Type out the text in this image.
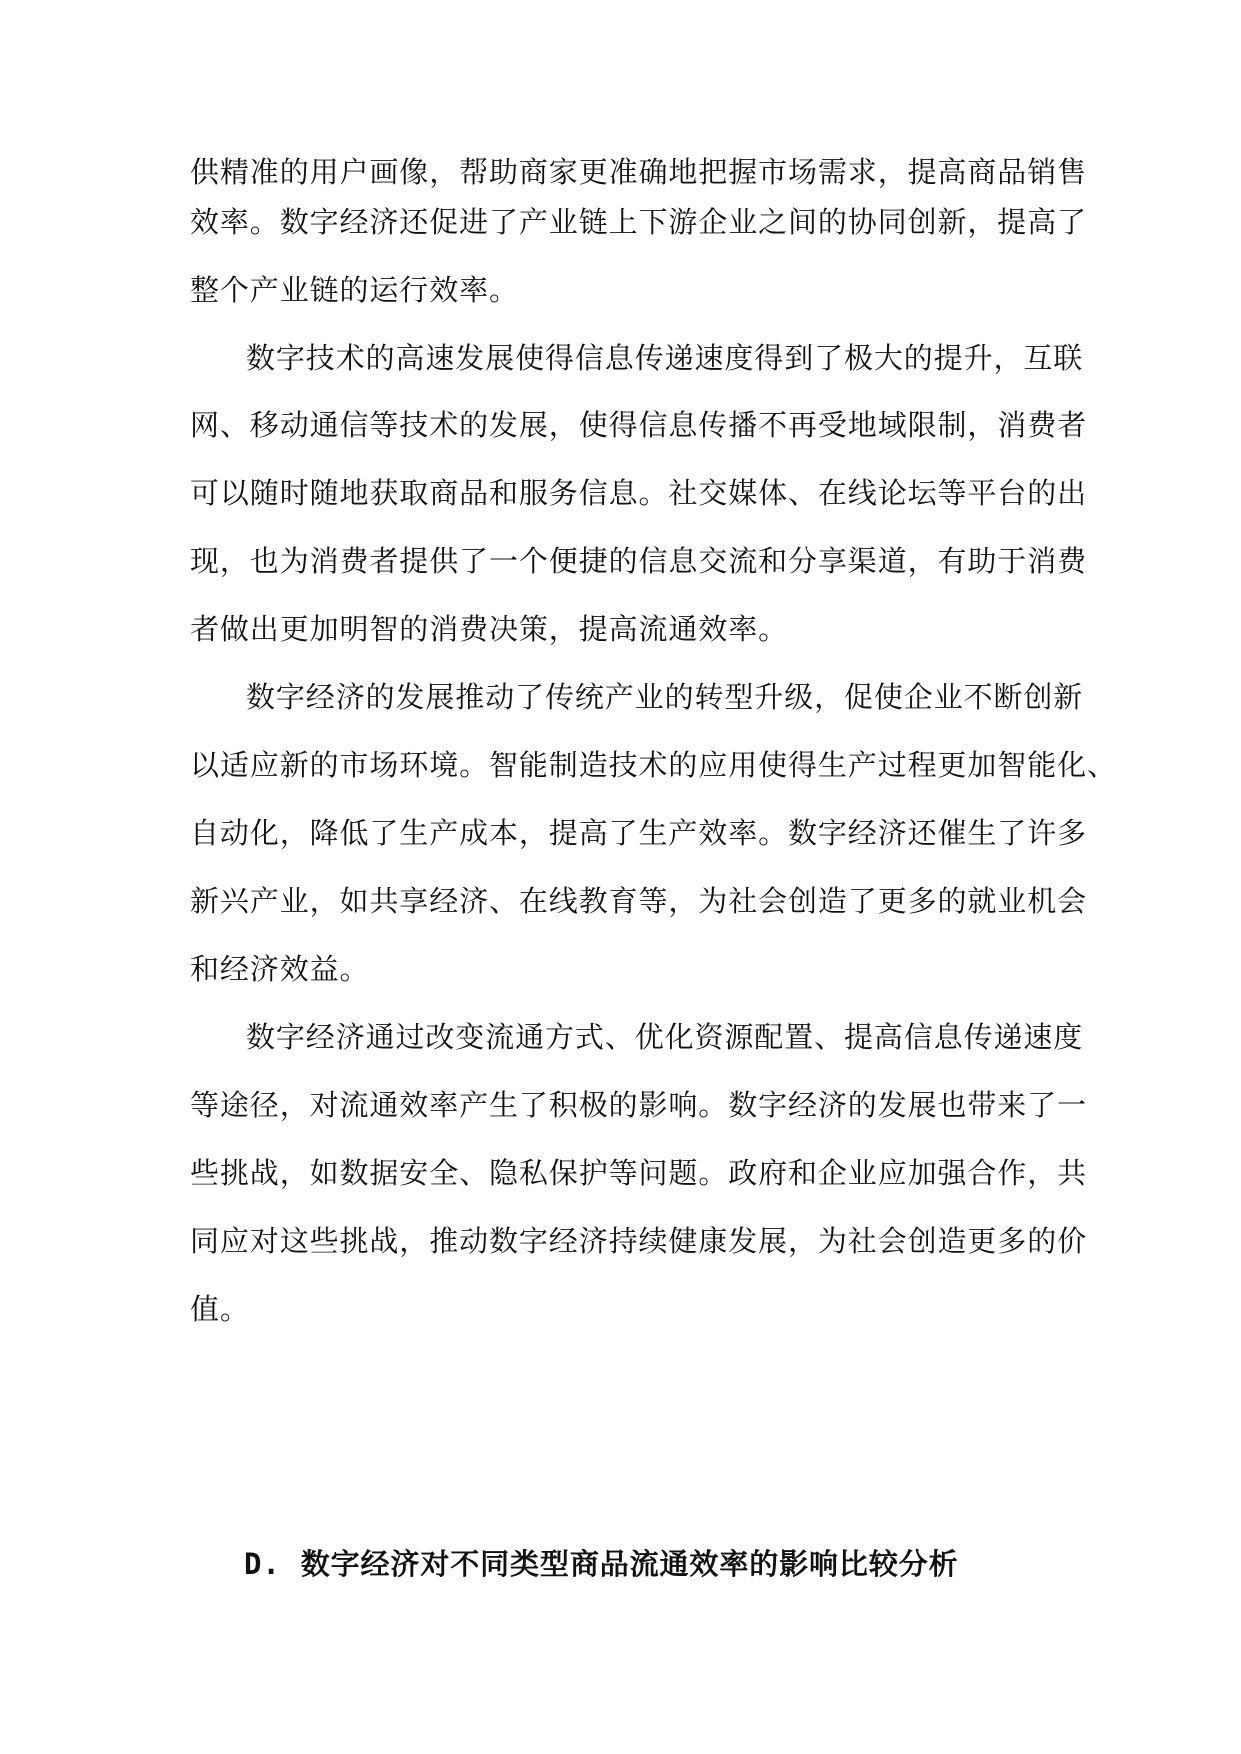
供精准的用户画像，帮助商家更准确地把握市场需求，提高商品销售
效率。数字经济还促进了产业链上下游企业之间的协同创新，提高了
整个产业链的运行效率。
数字技术的高速发展使得信息传递速度得到了极大的提升，互联
网、移动通信等技术的发展，使得信息传播不再受地域限制，消费者
可以随时随地获取商品和服务信息。社交媒体、在线论坛等平台的出
现，也为消费者提供了一个便捷的信息交流和分享渠道，有助于消费
者做出更加明智的消费决策，提高流通效率。
数字经济的发展推动了传统产业的转型升级，促使企业不断创新
以适应新的市场环境。智能制造技术的应用使得生产过程更加智能化、
自动化，降低了生产成本，提高了生产效率。数字经济还催生了许多
新兴产业，如共享经济、在线教育等，为社会创造了更多的就业机会
和经济效益。
数字经济通过改变流通方式、优化资源配置、提高信息传递速度
等途径，对流通效率产生了积极的影响。数字经济的发展也带来了一
些挑战，如数据安全、隐私保护等问题。政府和企业应加强合作，共
同应对这些挑战，推动数字经济持续健康发展，为社会创造更多的价
值。
D. 数字经济对不同类型商品流通效率的影响比较分析
